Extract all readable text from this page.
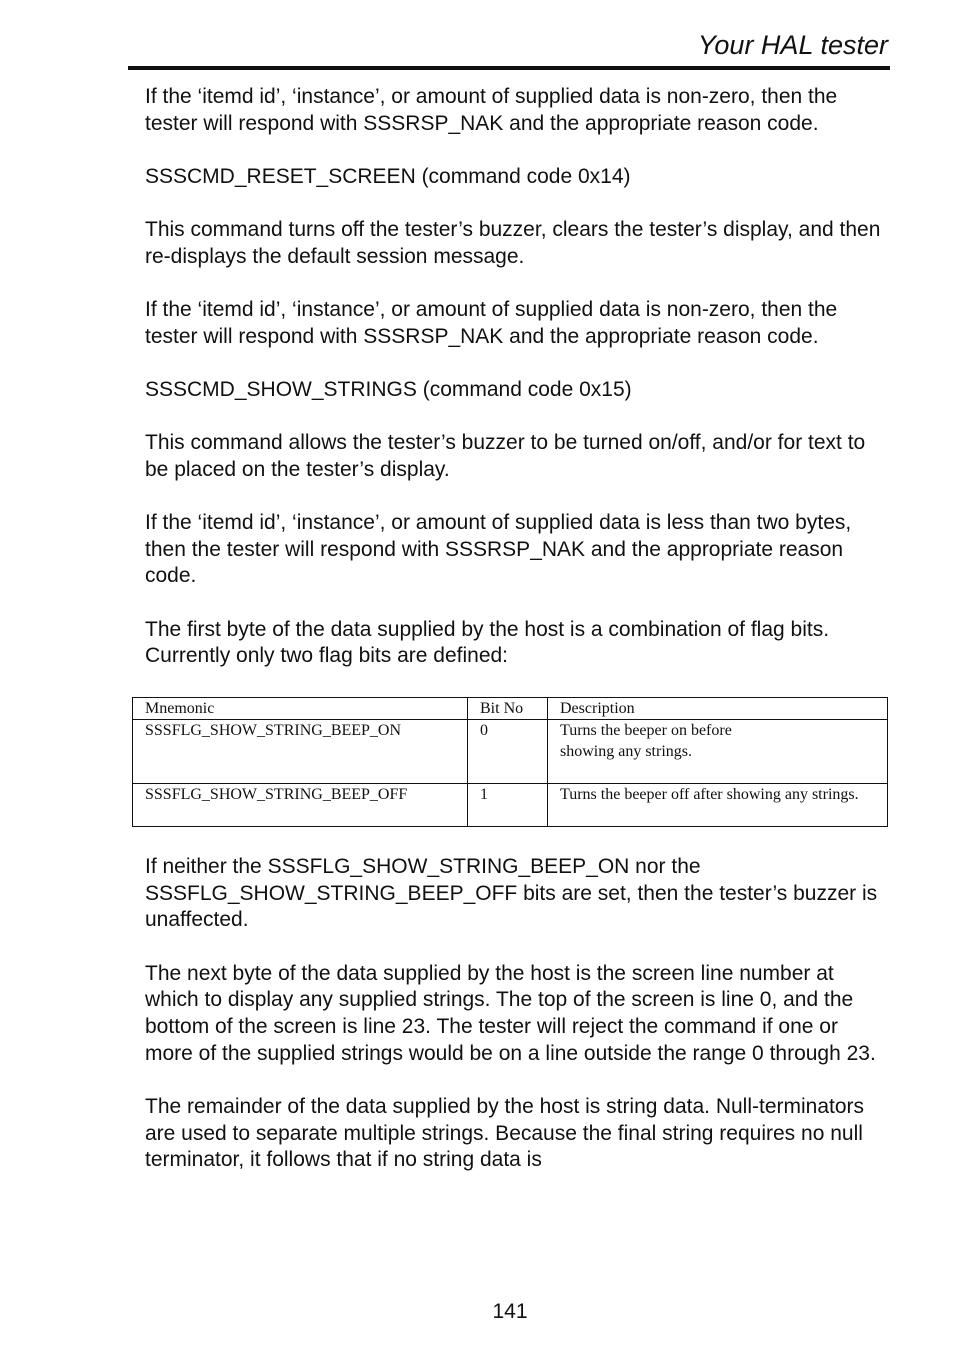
Your HAL tester

If the ‘itemd id’, ‘instance’, or amount of supplied data is non-zero, then the tester will respond with SSSRSP_NAK and the appropriate reason code.

SSSCMD_RESET_SCREEN (command code 0x14)

This command turns off the tester’s buzzer, clears the tester’s display, and then re-displays the default session message.

If the ‘itemd id’, ‘instance’, or amount of supplied data is non-zero, then the tester will respond with SSSRSP_NAK and the appropriate reason code.

SSSCMD_SHOW_STRINGS (command code 0x15)

This command allows the tester’s buzzer to be turned on/off, and/or for text to be placed on the tester’s display.

If the ‘itemd id’, ‘instance’, or amount of supplied data is less than two bytes, then the tester will respond with SSSRSP_NAK and the appropriate reason code.

The first byte of the data supplied by the host is a combination of flag bits. Currently only two flag bits are defined:

Mnemonic	Bit No	Description
SSSFLG_SHOW_STRING_BEEP_ON	0	Turns the beeper on before showing any strings.
SSSFLG_SHOW_STRING_BEEP_OFF	1	Turns the beeper off after showing any strings.

If neither the SSSFLG_SHOW_STRING_BEEP_ON nor the SSSFLG_SHOW_STRING_BEEP_OFF bits are set, then the tester’s buzzer is unaffected.

The next byte of the data supplied by the host is the screen line number at which to display any supplied strings. The top of the screen is line 0, and the bottom of the screen is line 23. The tester will reject the command if one or more of the supplied strings would be on a line outside the range 0 through 23.

The remainder of the data supplied by the host is string data. Null-terminators are used to separate multiple strings. Because the final string requires no null terminator, it follows that if no string data is

141
